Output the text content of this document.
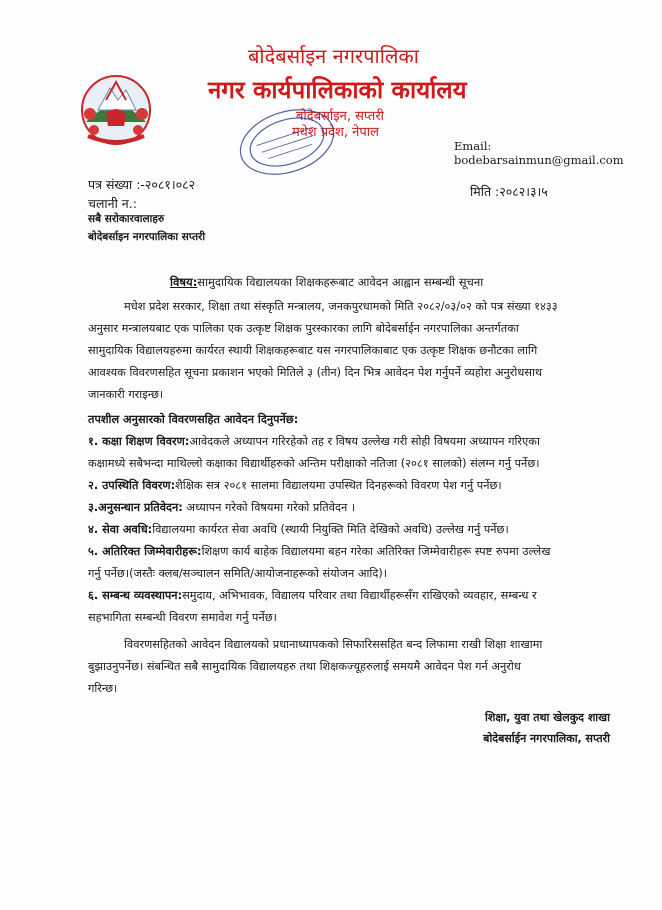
बोदेबर्साइन नगरपालिका
नगर कार्यपालिकाको कार्यालय
बोदेबर्साइन, सप्तरी
मधेश प्रदेश, नेपाल
Email: bodebarsainmun@gmail.com
पत्र संख्या :-२०८१।०८२
चलानी न.:
मिति :२०८२।३।५
सबै सरोकारवालाहरु
बोदेबर्साइन नगरपालिका सप्तरी
विषय:सामुदायिक विद्यालयका शिक्षकहरूबाट आवेदन आह्वान सम्बन्धी सूचना
मधेश प्रदेश सरकार, शिक्षा तथा संस्कृति मन्त्रालय, जनकपुरधामको मिति २०८२/०३/०२ को पत्र संख्या १४३३
अनुसार मन्त्रालयबाट एक पालिका एक उत्कृष्ट शिक्षक पुरस्कारका लागि बोदेबर्साईन नगरपालिका अन्तर्गतका
सामुदायिक विद्यालयहरुमा कार्यरत स्थायी शिक्षकहरूबाट यस नगरपालिकाबाट एक उत्कृष्ट शिक्षक छनौटका लागि
आवश्यक विवरणसहित सूचना प्रकाशन भएको मितिले ३ (तीन) दिन भित्र आवेदन पेश गर्नुपर्ने व्यहोरा अनुरोधसाथ
जानकारी गराइन्छ।
तपशील अनुसारको विवरणसहित आवेदन दिनुपर्नेछ:
१. कक्षा शिक्षण विवरण:आवेदकले अध्यापन गरिरहेको तह र विषय उल्लेख गरी सोही विषयमा अध्यापन गरिएका
कक्षामध्ये सबैभन्दा माथिल्लो कक्षाका विद्यार्थीहरुको अन्तिम परीक्षाको नतिजा (२०८१ सालको) संलग्न गर्नु पर्नेछ।
२. उपस्थिति विवरण:शैक्षिक सत्र २०८१ सालमा विद्यालयमा उपस्थित दिनहरूको विवरण पेश गर्नु पर्नेछ।
३.अनुसन्धान प्रतिवेदन: अध्यापन गरेको विषयमा गरेको प्रतिवेदन ।
४. सेवा अवधि:विद्यालयमा कार्यरत सेवा अवधि (स्थायी नियुक्ति मिति देखिको अवधि) उल्लेख गर्नु पर्नेछ।
५. अतिरिक्त जिम्मेवारीहरू:शिक्षण कार्य बाहेक विद्यालयमा बहन गरेका अतिरिक्त जिम्मेवारीहरू स्पष्ट रुपमा उल्लेख
गर्नु पर्नेछ।(जस्तैः क्लब/सञ्चालन समिति/आयोजनाहरूको संयोजन आदि)।
६. सम्बन्ध व्यवस्थापन:समुदाय, अभिभावक, विद्यालय परिवार तथा विद्यार्थीहरूसँग राखिएको व्यवहार, सम्बन्ध र
सहभागिता सम्बन्धी विवरण समावेश गर्नु पर्नेछ।
विवरणसहितको आवेदन विद्यालयको प्रधानाध्यापकको सिफारिससहित बन्द लिफामा राखी शिक्षा शाखामा
बुझाउनुपर्नेछ। संबन्धित सबै सामुदायिक विद्यालयहरु तथा शिक्षकज्यूहरुलाई समयमै आवेदन पेश गर्न अनुरोध
गरिन्छ।
शिक्षा, युवा तथा खेलकुद शाखा
बोदेबर्साईन नगरपालिका, सप्तरी
